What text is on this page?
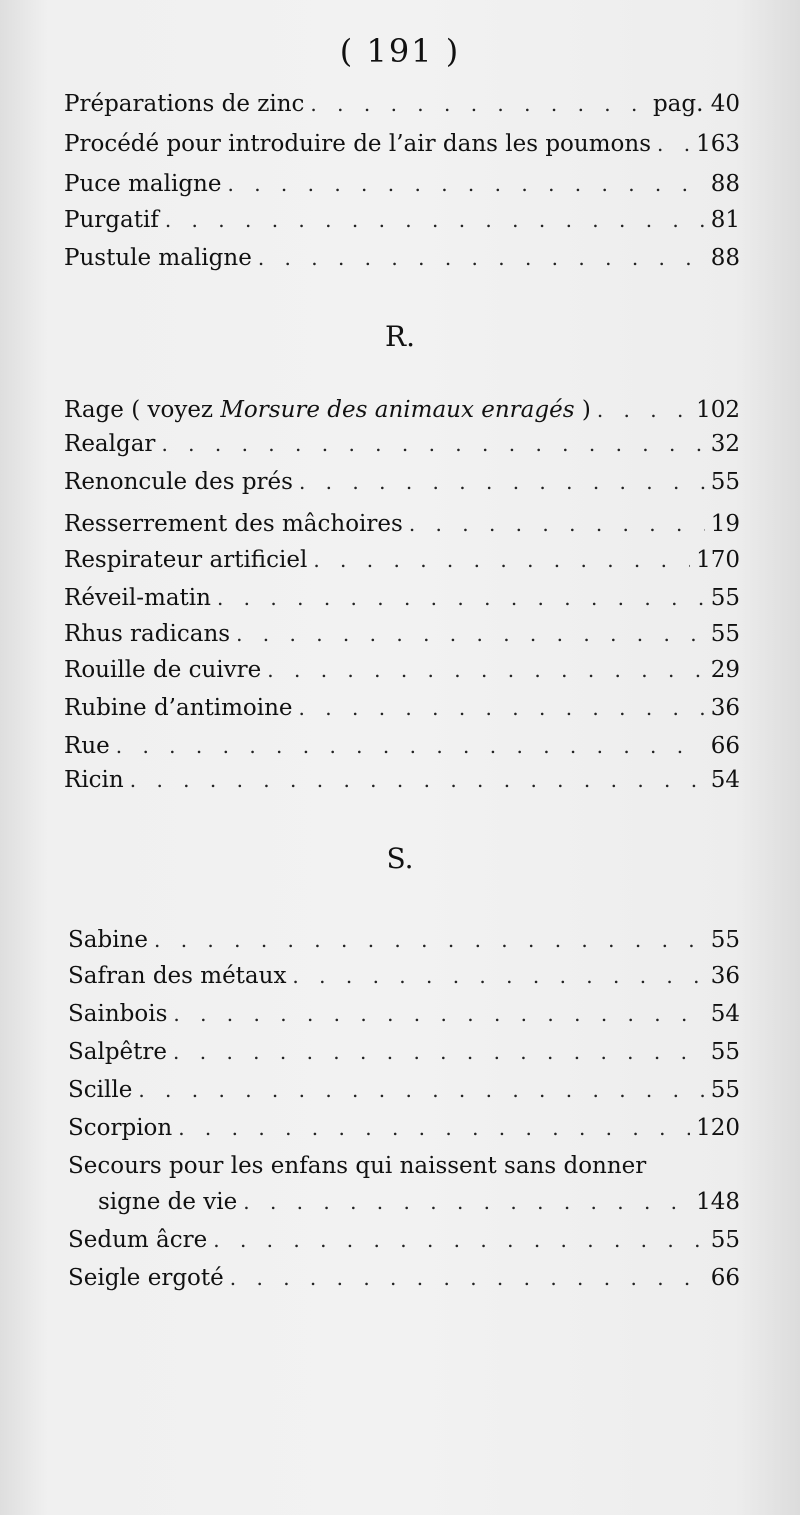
( 191 )
Préparations de zinc . . .	pag. 40
Procédé pour introduire de l’air dans les poumons . . . 163
Puce maligne . . .	88
Purgatif . . .	81
Pustule maligne . . .	88
R.
Rage ( voyez Morsure des animaux enragés ) . . .	102
Realgar . . .	32
Renoncule des prés . . .	55
Resserrement des mâchoires . . .	19
Respirateur artificiel . . .	170
Réveil-matin . . .	55
Rhus radicans . . .	55
Rouille de cuivre . . .	29
Rubine d’antimoine . . .	36
Rue . . .	66
Ricin . . .	54
S.
Sabine . . .	55
Safran des métaux . . .	36
Sainbois . . .	54
Salpêtre . . .	55
Scille . . .	55
Scorpion . . .	120
Secours pour les enfans qui naissent sans donner
signe de vie . . .	148
Sedum âcre . . .	55
Seigle ergoté . . .	66
